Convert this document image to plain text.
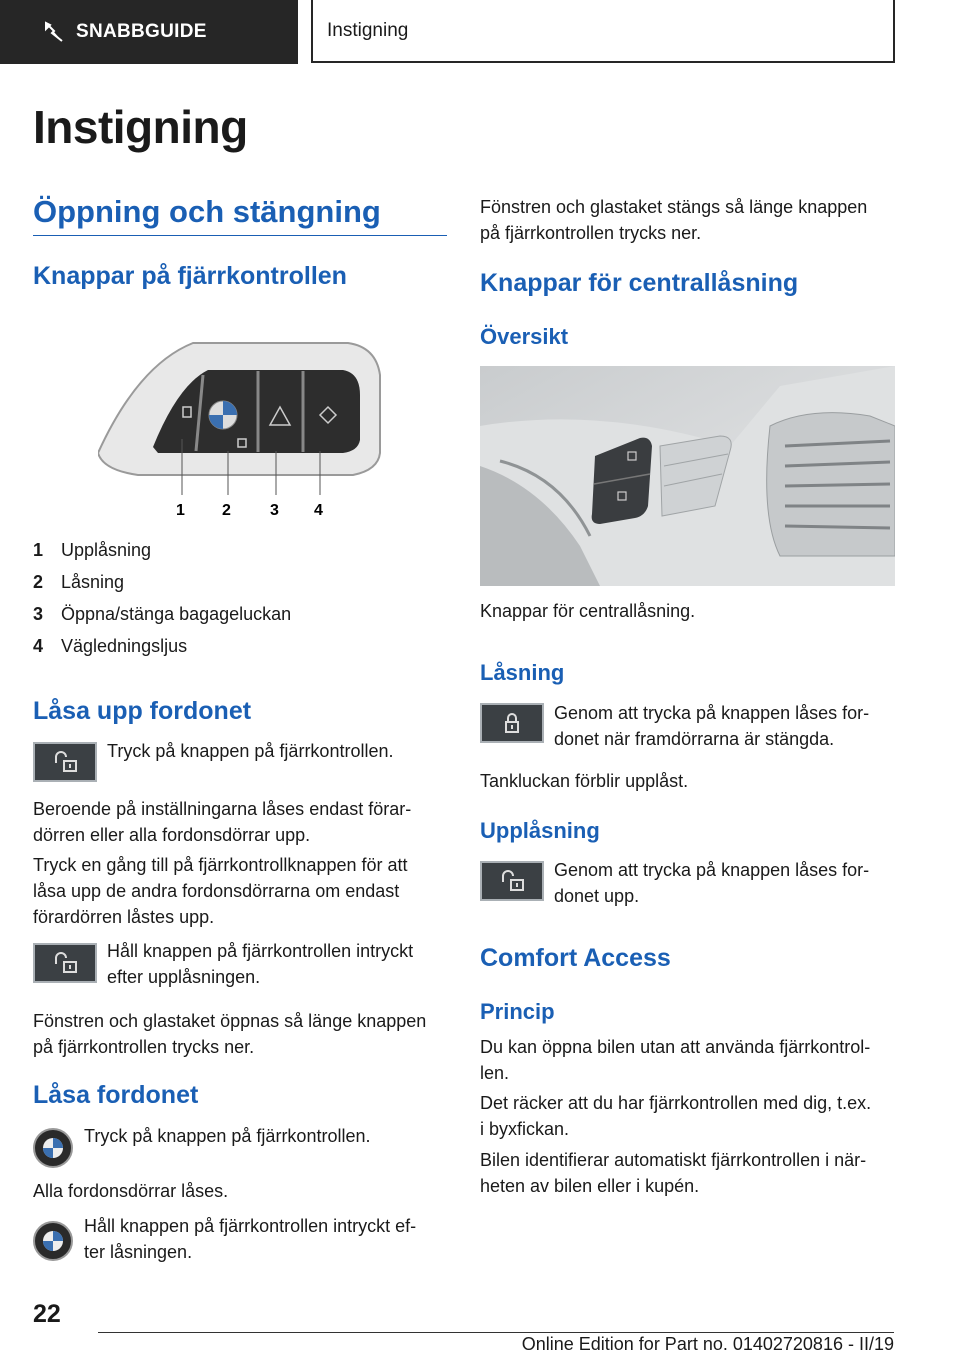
SNABBGUIDE	Instigning
Instigning
Öppning och stängning
Knappar på fjärrkontrollen
1 2 3 4
1 Upplåsning
2 Låsning
3 Öppna/stänga bagageluckan
4 Vägledningsljus
Låsa upp fordonet
Tryck på knappen på fjärrkontrollen.
Beroende på inställningarna låses endast förar-
dörren eller alla fordonsdörrar upp.
Tryck en gång till på fjärrkontrollknappen för att
låsa upp de andra fordonsdörrarna om endast
förardörren låstes upp.
Håll knappen på fjärrkontrollen intryckt
efter upplåsningen.
Fönstren och glastaket öppnas så länge knappen
på fjärrkontrollen trycks ner.
Låsa fordonet
Tryck på knappen på fjärrkontrollen.
Alla fordonsdörrar låses.
Håll knappen på fjärrkontrollen intryckt ef-
ter låsningen.
Fönstren och glastaket stängs så länge knappen
på fjärrkontrollen trycks ner.
Knappar för centrallåsning
Översikt
Knappar för centrallåsning.
Låsning
Genom att trycka på knappen låses for-
donet när framdörrarna är stängda.
Tankluckan förblir upplåst.
Upplåsning
Genom att trycka på knappen låses for-
donet upp.
Comfort Access
Princip
Du kan öppna bilen utan att använda fjärrkontrol-
len.
Det räcker att du har fjärrkontrollen med dig, t.ex.
i byxfickan.
Bilen identifierar automatiskt fjärrkontrollen i när-
heten av bilen eller i kupén.
22
Online Edition for Part no. 01402720816 - II/19
